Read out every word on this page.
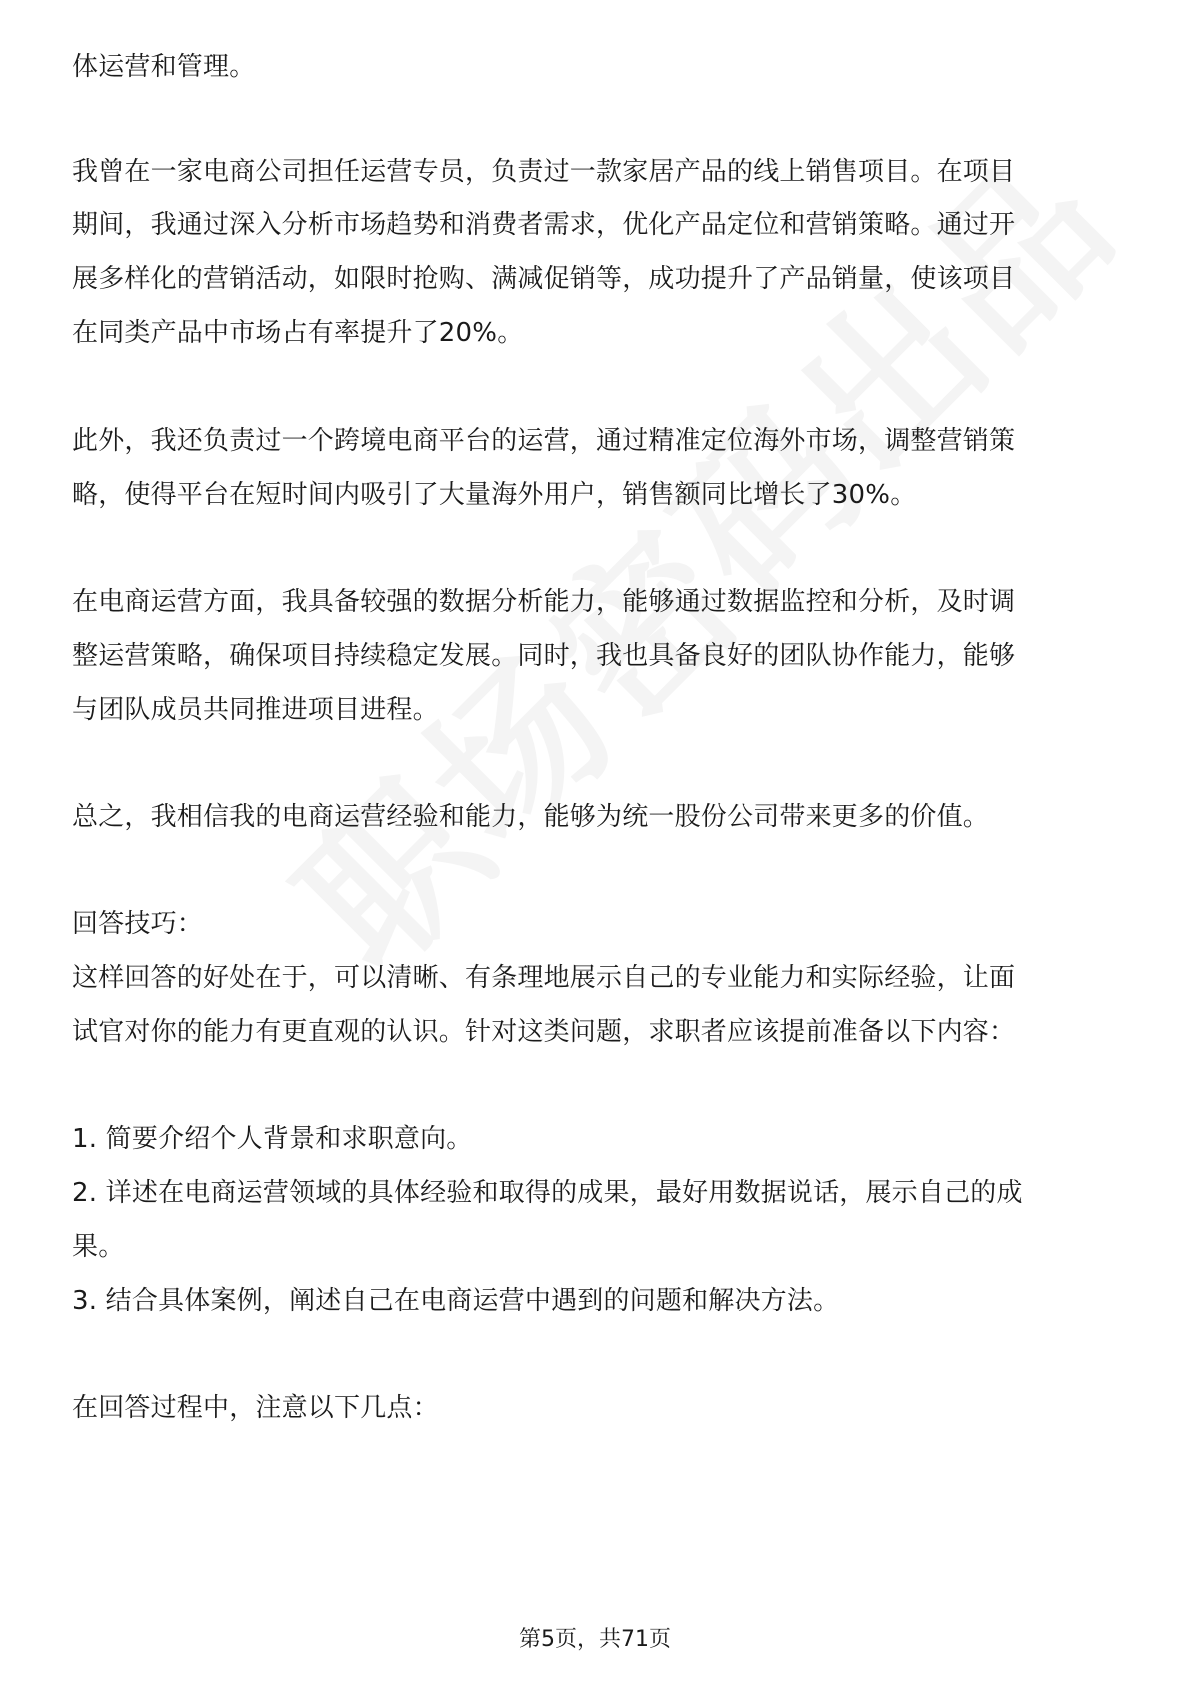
体运营和管理。
我曾在一家电商公司担任运营专员，负责过一款家居产品的线上销售项目。在项目
期间，我通过深入分析市场趋势和消费者需求，优化产品定位和营销策略。通过开
展多样化的营销活动，如限时抢购、满减促销等，成功提升了产品销量，使该项目
在同类产品中市场占有率提升了20%。
此外，我还负责过一个跨境电商平台的运营，通过精准定位海外市场，调整营销策
略，使得平台在短时间内吸引了大量海外用户，销售额同比增长了30%。
在电商运营方面，我具备较强的数据分析能力，能够通过数据监控和分析，及时调
整运营策略，确保项目持续稳定发展。同时，我也具备良好的团队协作能力，能够
与团队成员共同推进项目进程。
总之，我相信我的电商运营经验和能力，能够为统一股份公司带来更多的价值。
回答技巧：
这样回答的好处在于，可以清晰、有条理地展示自己的专业能力和实际经验，让面
试官对你的能力有更直观的认识。针对这类问题，求职者应该提前准备以下内容：
1. 简要介绍个人背景和求职意向。
2. 详述在电商运营领域的具体经验和取得的成果，最好用数据说话，展示自己的成
果。
3. 结合具体案例，阐述自己在电商运营中遇到的问题和解决方法。
在回答过程中，注意以下几点：
第5页，共71页
